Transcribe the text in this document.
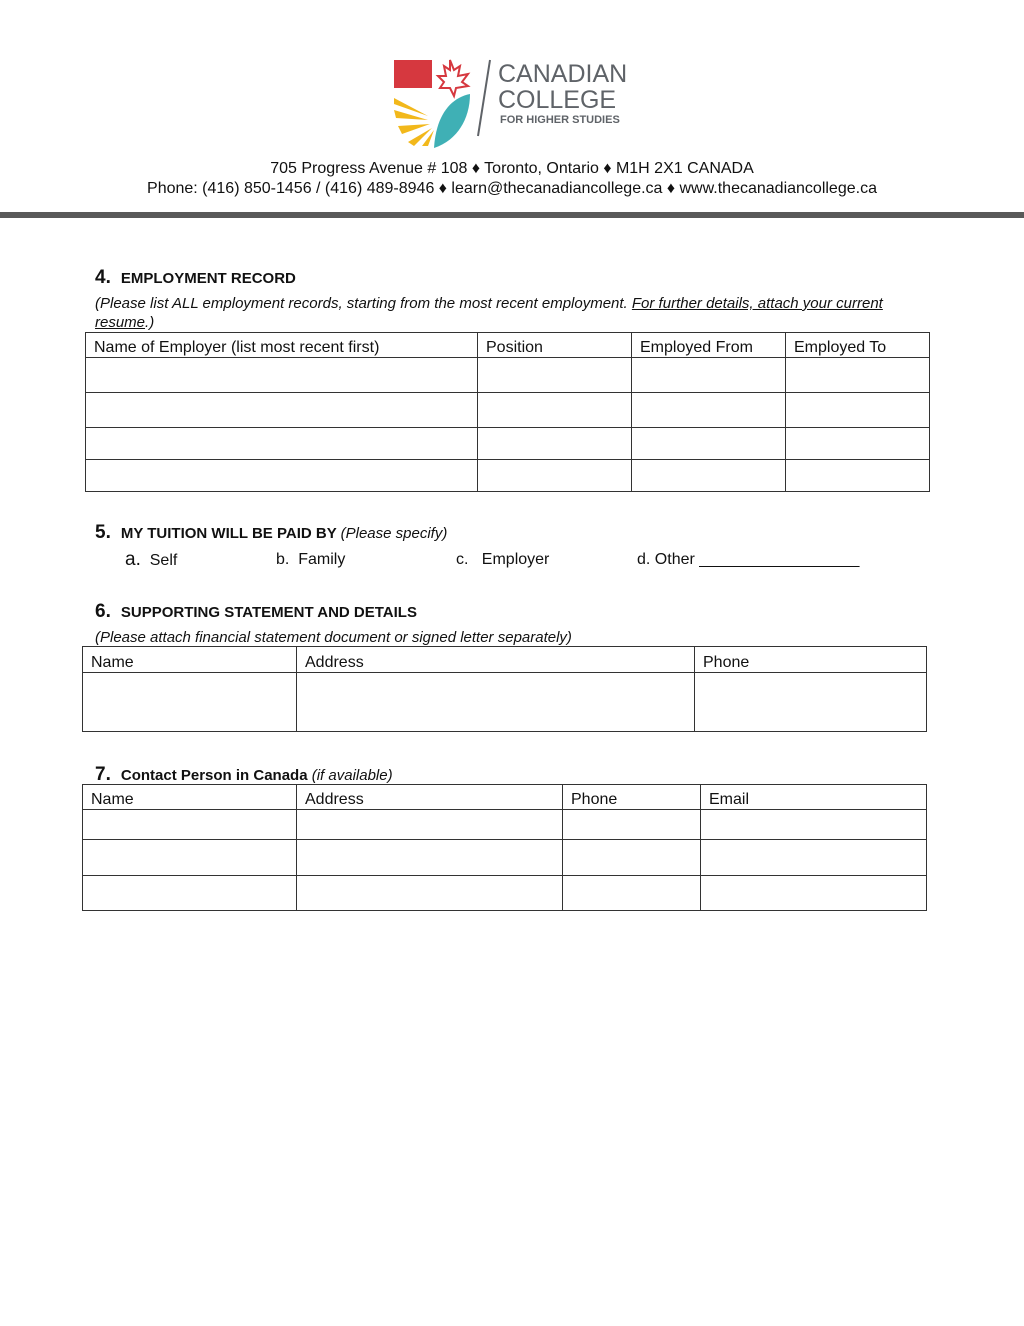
CANADIAN
COLLEGE
FOR HIGHER STUDIES
705 Progress Avenue # 108 ♦ Toronto, Ontario ♦ M1H 2X1 CANADA
Phone: (416) 850-1456 / (416) 489-8946 ♦ learn@thecanadiancollege.ca ♦ www.thecanadiancollege.ca
4. EMPLOYMENT RECORD
(Please list ALL employment records, starting from the most recent employment. For further details, attach your current resume.)
Name of Employer (list most recent first)	Position	Employed From	Employed To

5. MY TUITION WILL BE PAID BY (Please specify)
a. Self	b. Family	c. Employer	d. Other __________________
6. SUPPORTING STATEMENT AND DETAILS
(Please attach financial statement document or signed letter separately)
Name	Address	Phone

7. Contact Person in Canada (if available)
Name	Address	Phone	Email
